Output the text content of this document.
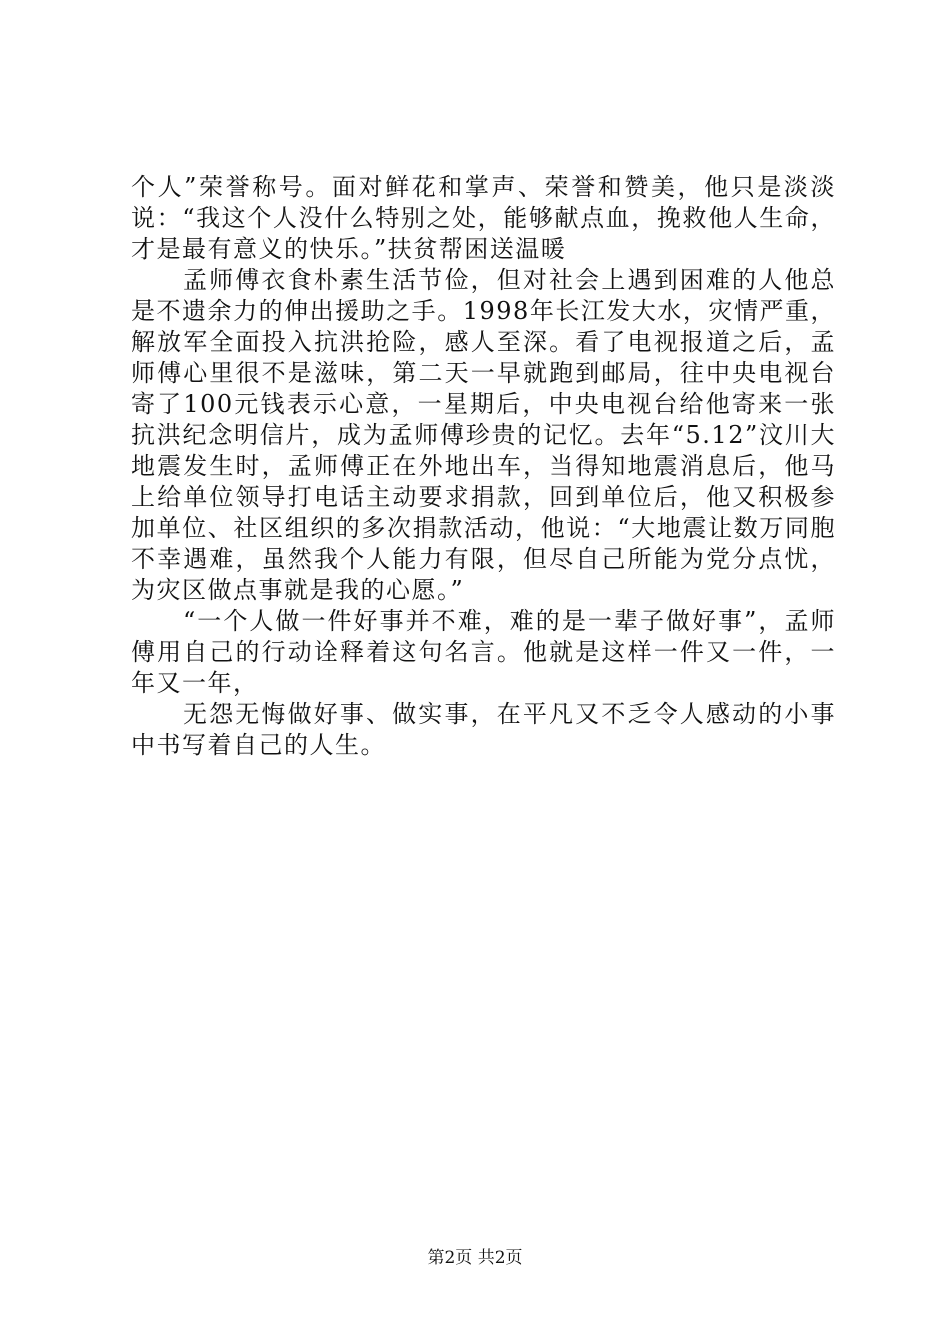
个人”荣誉称号。面对鲜花和掌声、荣誉和赞美，他只是淡淡说：“我这个人没什么特别之处，能够献点血，挽救他人生命，才是最有意义的快乐。”扶贫帮困送温暖

孟师傅衣食朴素生活节俭，但对社会上遇到困难的人他总是不遗余力的伸出援助之手。1998年长江发大水，灾情严重，解放军全面投入抗洪抢险，感人至深。看了电视报道之后，孟师傅心里很不是滋味，第二天一早就跑到邮局，往中央电视台寄了100元钱表示心意，一星期后，中央电视台给他寄来一张抗洪纪念明信片，成为孟师傅珍贵的记忆。去年“5.12”汶川大地震发生时，孟师傅正在外地出车，当得知地震消息后，他马上给单位领导打电话主动要求捐款，回到单位后，他又积极参加单位、社区组织的多次捐款活动，他说：“大地震让数万同胞不幸遇难，虽然我个人能力有限，但尽自己所能为党分点忧，为灾区做点事就是我的心愿。”

“一个人做一件好事并不难，难的是一辈子做好事”，孟师傅用自己的行动诠释着这句名言。他就是这样一件又一件，一年又一年，

无怨无悔做好事、做实事，在平凡又不乏令人感动的小事中书写着自己的人生。

第2页 共2页
